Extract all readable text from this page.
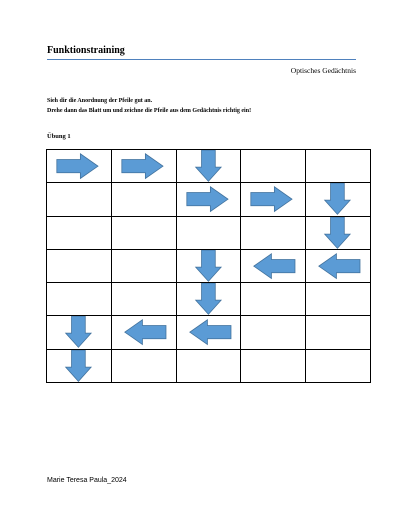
Funktionstraining
Optisches Gedächtnis
Sieh dir die Anordnung der Pfeile gut an.
Drehe dann das Blatt um und zeichne die Pfeile aus dem Gedächtnis richtig ein!
Übung 1

Marie Teresa Paula_2024
